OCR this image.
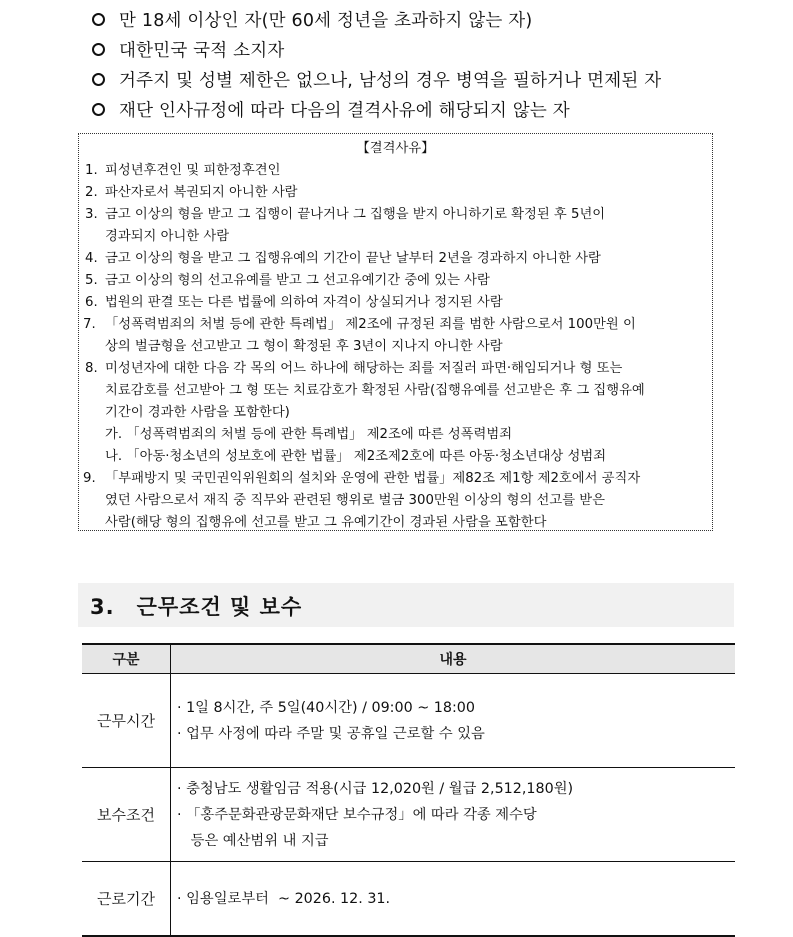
만 18세 이상인 자(만 60세 정년을 초과하지 않는 자)
대한민국 국적 소지자
거주지 및 성별 제한은 없으나, 남성의 경우 병역을 필하거나 면제된 자
재단 인사규정에 따라 다음의 결격사유에 해당되지 않는 자
【결격사유】
1. 피성년후견인 및 피한정후견인
2. 파산자로서 복권되지 아니한 사람
3. 금고 이상의 형을 받고 그 집행이 끝나거나 그 집행을 받지 아니하기로 확정된 후 5년이
경과되지 아니한 사람
4. 금고 이상의 형을 받고 그 집행유예의 기간이 끝난 날부터 2년을 경과하지 아니한 사람
5. 금고 이상의 형의 선고유예를 받고 그 선고유예기간 중에 있는 사람
6. 법원의 판결 또는 다른 법률에 의하여 자격이 상실되거나 정지된 사람
7. 「성폭력범죄의 처벌 등에 관한 특례법」 제2조에 규정된 죄를 범한 사람으로서 100만원 이
상의 벌금형을 선고받고 그 형이 확정된 후 3년이 지나지 아니한 사람
8. 미성년자에 대한 다음 각 목의 어느 하나에 해당하는 죄를 저질러 파면·해임되거나 형 또는
치료감호를 선고받아 그 형 또는 치료감호가 확정된 사람(집행유예를 선고받은 후 그 집행유예
기간이 경과한 사람을 포함한다)
가. 「성폭력범죄의 처벌 등에 관한 특례법」 제2조에 따른 성폭력범죄
나. 「아동·청소년의 성보호에 관한 법률」 제2조제2호에 따른 아동·청소년대상 성범죄
9. 「부패방지 및 국민권익위원회의 설치와 운영에 관한 법률」제82조 제1항 제2호에서 공직자
였던 사람으로서 재직 중 직무와 관련된 행위로 벌금 300만원 이상의 형의 선고를 받은
사람(해당 형의 집행유에 선고를 받고 그 유예기간이 경과된 사람을 포함한다
3. 근무조건 및 보수
구분	내용
근무시간	· 1일 8시간, 주 5일(40시간) / 09:00 ~ 18:00
· 업무 사정에 따라 주말 및 공휴일 근로할 수 있음

보수조건	· 충청남도 생활임금 적용(시급 12,020원 / 월급 2,512,180원)
· 「홍주문화관광문화재단 보수규정」에 따라 각종 제수당
등은 예산범위 내 지급

근로기간	· 임용일로부터  ~ 2026. 12. 31.
